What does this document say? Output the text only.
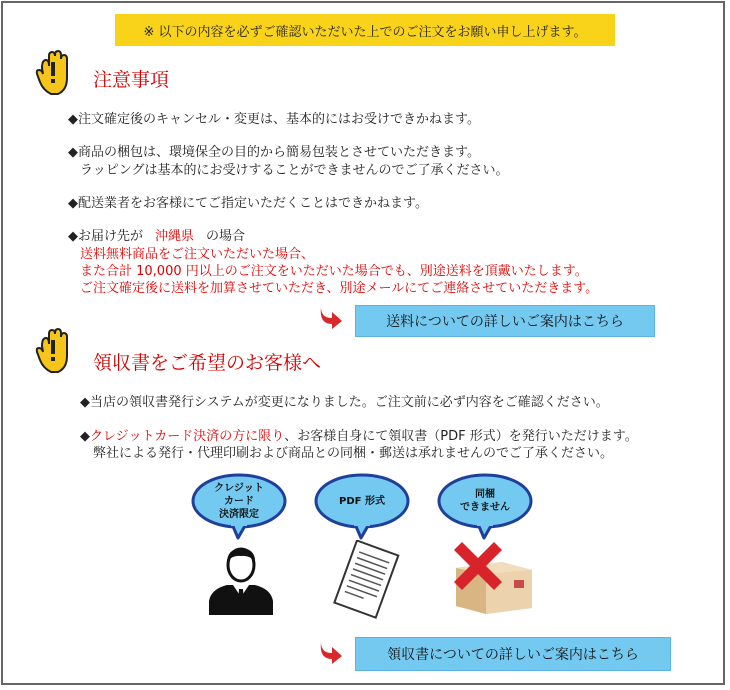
※ 以下の内容を必ずご確認いただいた上でのご注文をお願い申し上げます。
注意事項
◆注文確定後のキャンセル・変更は、基本的にはお受けできかねます。
◆商品の梱包は、環境保全の目的から簡易包装とさせていただきます。
ラッピングは基本的にお受けすることができませんのでご了承ください。
◆配送業者をお客様にてご指定いただくことはできかねます。
◆お届け先が 沖縄県 の場合
送料無料商品をご注文いただいた場合、
また合計 10,000 円以上のご注文をいただいた場合でも、別途送料を頂戴いたします。
ご注文確定後に送料を加算させていただき、別途メールにてご連絡させていただきます。
送料についての詳しいご案内はこちら
領収書をご希望のお客様へ
◆当店の領収書発行システムが変更になりました。ご注文前に必ず内容をご確認ください。
◆クレジットカード決済の方に限り、お客様自身にて領収書（PDF 形式）を発行いただけます。
弊社による発行・代理印刷および商品との同梱・郵送は承れませんのでご了承ください。
クレジット
カード
決済限定
PDF 形式
同梱
できません
領収書についての詳しいご案内はこちら
